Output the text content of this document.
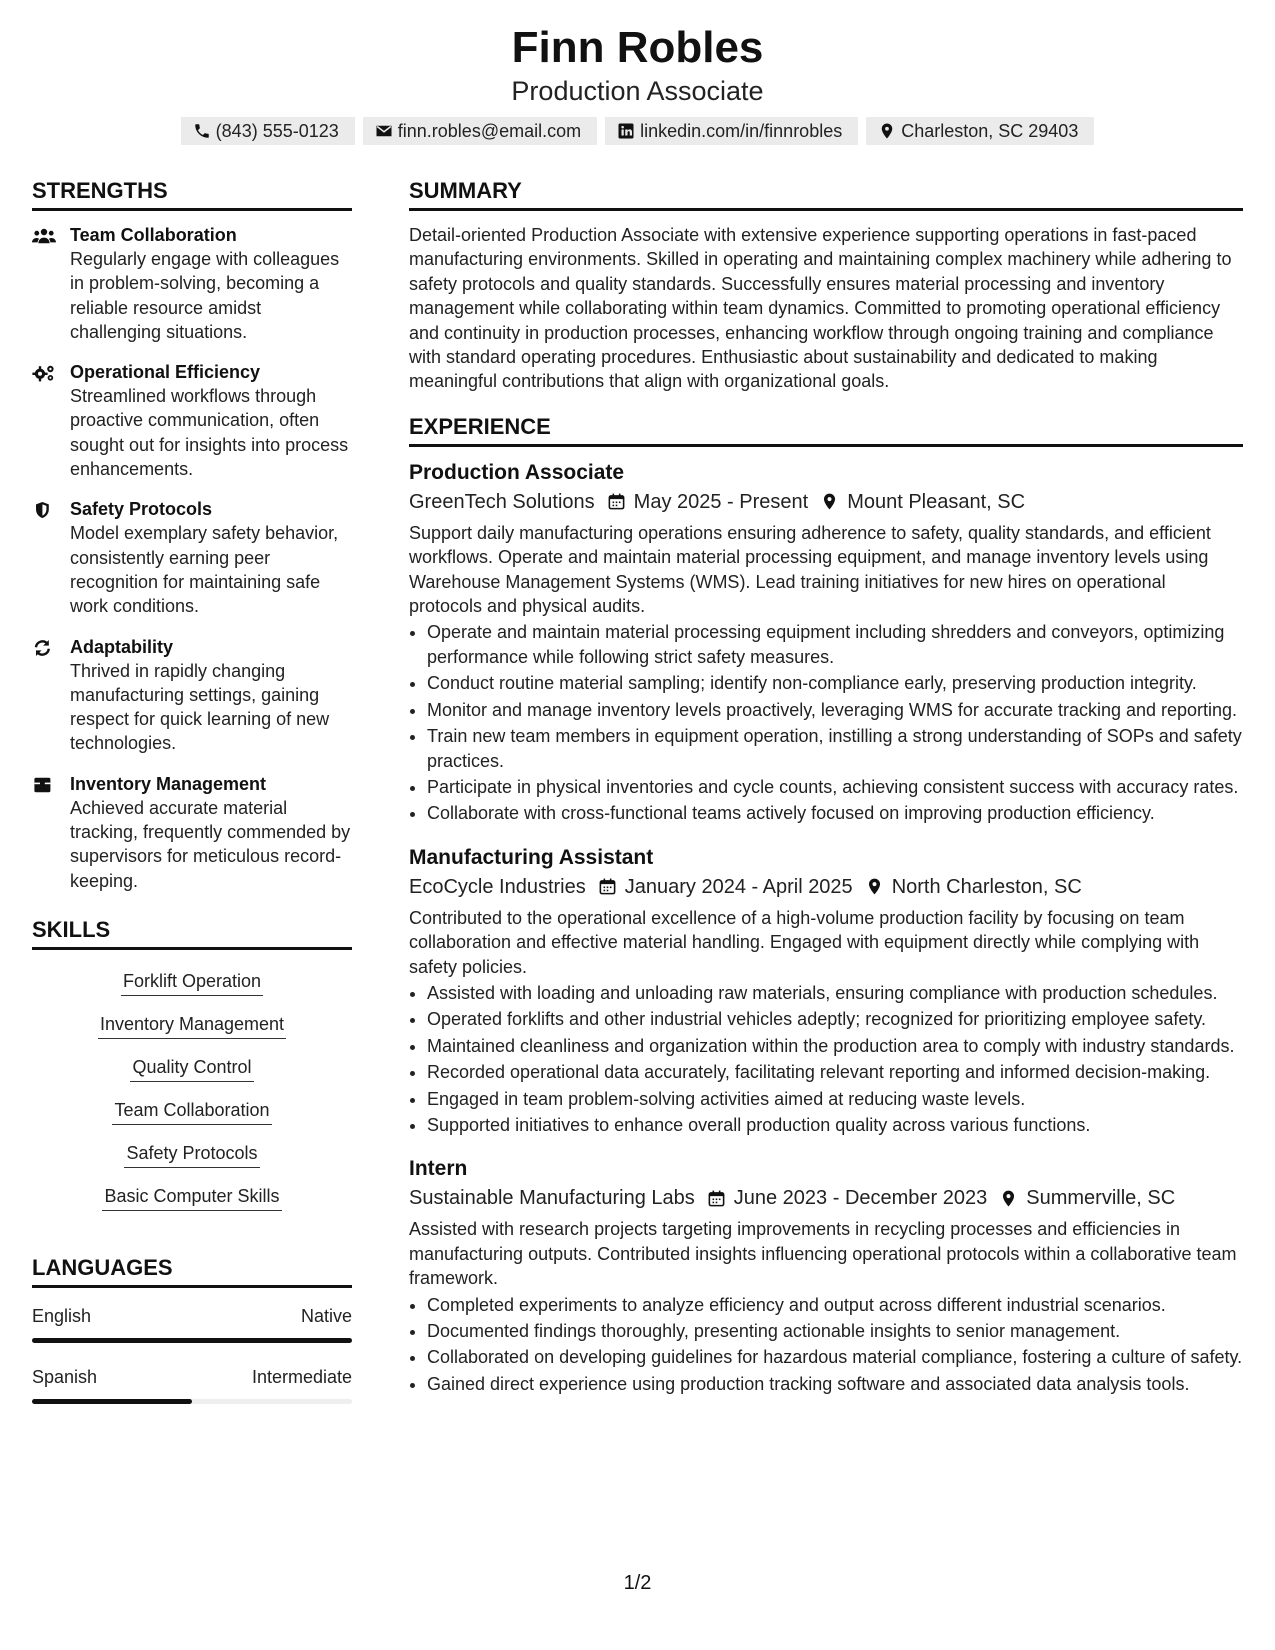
Finn Robles
Production Associate
(843) 555-0123	finn.robles@email.com	linkedin.com/in/finnrobles	Charleston, SC 29403
STRENGTHS
Team Collaboration
Regularly engage with colleagues in problem-solving, becoming a reliable resource amidst challenging situations.
Operational Efficiency
Streamlined workflows through proactive communication, often sought out for insights into process enhancements.
Safety Protocols
Model exemplary safety behavior, consistently earning peer recognition for maintaining safe work conditions.
Adaptability
Thrived in rapidly changing manufacturing settings, gaining respect for quick learning of new technologies.
Inventory Management
Achieved accurate material tracking, frequently commended by supervisors for meticulous record-keeping.
SKILLS
Forklift Operation
Inventory Management
Quality Control
Team Collaboration
Safety Protocols
Basic Computer Skills
LANGUAGES
English	Native
Spanish	Intermediate
SUMMARY
Detail-oriented Production Associate with extensive experience supporting operations in fast-paced manufacturing environments. Skilled in operating and maintaining complex machinery while adhering to safety protocols and quality standards. Successfully ensures material processing and inventory management while collaborating within team dynamics. Committed to promoting operational efficiency and continuity in production processes, enhancing workflow through ongoing training and compliance with standard operating procedures. Enthusiastic about sustainability and dedicated to making meaningful contributions that align with organizational goals.
EXPERIENCE
Production Associate
GreenTech Solutions May 2025 - Present Mount Pleasant, SC
Support daily manufacturing operations ensuring adherence to safety, quality standards, and efficient workflows. Operate and maintain material processing equipment, and manage inventory levels using Warehouse Management Systems (WMS). Lead training initiatives for new hires on operational protocols and physical audits.
• Operate and maintain material processing equipment including shredders and conveyors, optimizing performance while following strict safety measures.
• Conduct routine material sampling; identify non-compliance early, preserving production integrity.
• Monitor and manage inventory levels proactively, leveraging WMS for accurate tracking and reporting.
• Train new team members in equipment operation, instilling a strong understanding of SOPs and safety practices.
• Participate in physical inventories and cycle counts, achieving consistent success with accuracy rates.
• Collaborate with cross-functional teams actively focused on improving production efficiency.
Manufacturing Assistant
EcoCycle Industries January 2024 - April 2025 North Charleston, SC
Contributed to the operational excellence of a high-volume production facility by focusing on team collaboration and effective material handling. Engaged with equipment directly while complying with safety policies.
• Assisted with loading and unloading raw materials, ensuring compliance with production schedules.
• Operated forklifts and other industrial vehicles adeptly; recognized for prioritizing employee safety.
• Maintained cleanliness and organization within the production area to comply with industry standards.
• Recorded operational data accurately, facilitating relevant reporting and informed decision-making.
• Engaged in team problem-solving activities aimed at reducing waste levels.
• Supported initiatives to enhance overall production quality across various functions.
Intern
Sustainable Manufacturing Labs June 2023 - December 2023 Summerville, SC
Assisted with research projects targeting improvements in recycling processes and efficiencies in manufacturing outputs. Contributed insights influencing operational protocols within a collaborative team framework.
• Completed experiments to analyze efficiency and output across different industrial scenarios.
• Documented findings thoroughly, presenting actionable insights to senior management.
• Collaborated on developing guidelines for hazardous material compliance, fostering a culture of safety.
• Gained direct experience using production tracking software and associated data analysis tools.
1/2
